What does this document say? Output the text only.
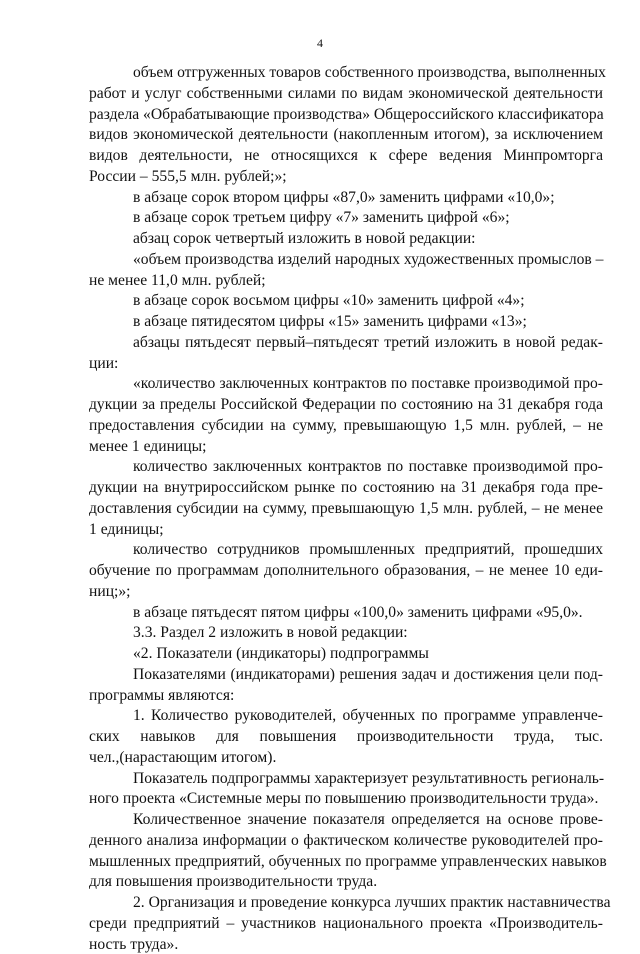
4
объем отгруженных товаров собственного производства, выполненных
работ и услуг собственными силами по видам экономической деятельности
раздела «Обрабатывающие производства» Общероссийского классификатора
видов экономической деятельности (накопленным итогом), за исключением
видов деятельности, не относящихся к сфере ведения Минпромторга
России – 555,5 млн. рублей;»;
в абзаце сорок втором цифры «87,0» заменить цифрами «10,0»;
в абзаце сорок третьем цифру «7» заменить цифрой «6»;
абзац сорок четвертый изложить в новой редакции:
«объем производства изделий народных художественных промыслов –
не менее 11,0 млн. рублей;
в абзаце сорок восьмом цифры «10» заменить цифрой «4»;
в абзаце пятидесятом цифры «15» заменить цифрами «13»;
абзацы пятьдесят первый–пятьдесят третий изложить в новой редак-
ции:
«количество заключенных контрактов по поставке производимой про-
дукции за пределы Российской Федерации по состоянию на 31 декабря года
предоставления субсидии на сумму, превышающую 1,5 млн. рублей, – не
менее 1 единицы;
количество заключенных контрактов по поставке производимой про-
дукции на внутрироссийском рынке по состоянию на 31 декабря года пре-
доставления субсидии на сумму, превышающую 1,5 млн. рублей, – не менее
1 единицы;
количество сотрудников промышленных предприятий, прошедших
обучение по программам дополнительного образования, – не менее 10 еди-
ниц;»;
в абзаце пятьдесят пятом цифры «100,0» заменить цифрами «95,0».
3.3. Раздел 2 изложить в новой редакции:
«2. Показатели (индикаторы) подпрограммы
Показателями (индикаторами) решения задач и достижения цели под-
программы являются:
1. Количество руководителей, обученных по программе управленче-
ских навыков для повышения производительности труда, тыс.
чел.,(нарастающим итогом).
Показатель подпрограммы характеризует результативность региональ-
ного проекта «Системные меры по повышению производительности труда».
Количественное значение показателя определяется на основе прове-
денного анализа информации о фактическом количестве руководителей про-
мышленных предприятий, обученных по программе управленческих навыков
для повышения производительности труда.
2. Организация и проведение конкурса лучших практик наставничества
среди предприятий – участников национального проекта «Производитель-
ность труда».
